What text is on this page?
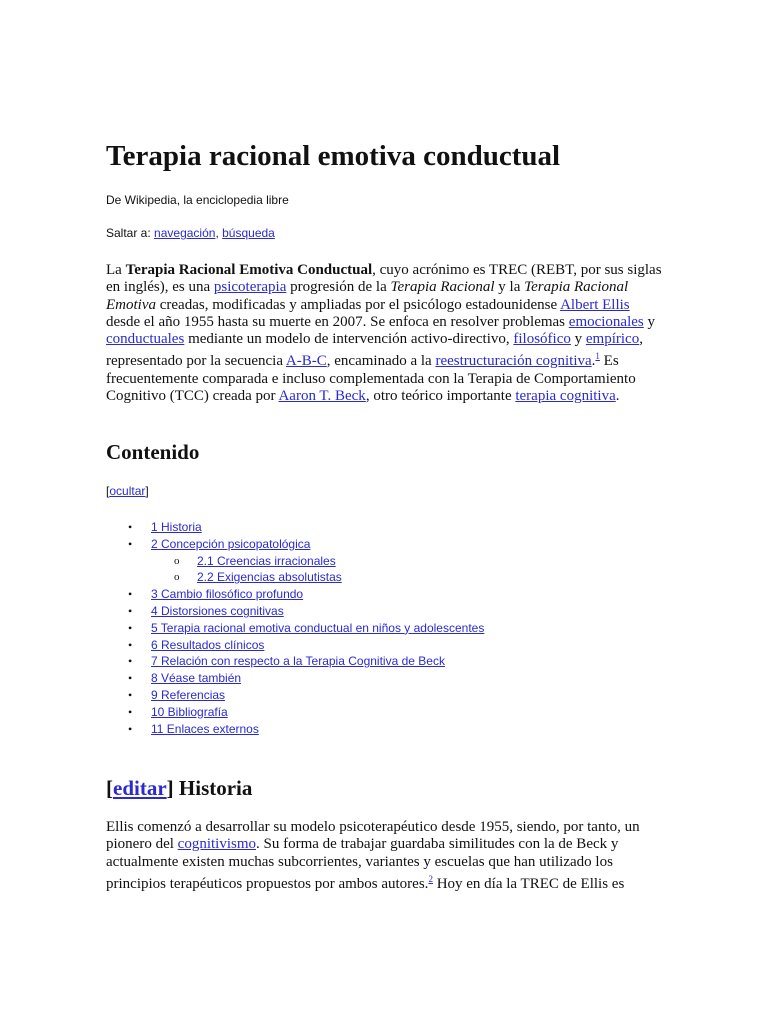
Terapia racional emotiva conductual

De Wikipedia, la enciclopedia libre

Saltar a: navegación, búsqueda

La Terapia Racional Emotiva Conductual, cuyo acrónimo es TREC (REBT, por sus siglas en inglés), es una psicoterapia progresión de la Terapia Racional y la Terapia Racional Emotiva creadas, modificadas y ampliadas por el psicólogo estadounidense Albert Ellis desde el año 1955 hasta su muerte en 2007. Se enfoca en resolver problemas emocionales y conductuales mediante un modelo de intervención activo-directivo, filosófico y empírico, representado por la secuencia A-B-C, encaminado a la reestructuración cognitiva.$^1$ Es frecuentemente comparada e incluso complementada con la Terapia de Comportamiento Cognitivo (TCC) creada por Aaron T. Beck, otro teórico importante terapia cognitiva.

Contenido

[ocultar]

• 1 Historia
• 2 Concepción psicopatológica
o 2.1 Creencias irracionales
o 2.2 Exigencias absolutistas
• 3 Cambio filosófico profundo
• 4 Distorsiones cognitivas
• 5 Terapia racional emotiva conductual en niños y adolescentes
• 6 Resultados clínicos
• 7 Relación con respecto a la Terapia Cognitiva de Beck
• 8 Véase también
• 9 Referencias
• 10 Bibliografía
• 11 Enlaces externos
[editar] Historia

Ellis comenzó a desarrollar su modelo psicoterapéutico desde 1955, siendo, por tanto, un pionero del cognitivismo. Su forma de trabajar guardaba similitudes con la de Beck y actualmente existen muchas subcorrientes, variantes y escuelas que han utilizado los principios terapéuticos propuestos por ambos autores.$^2$ Hoy en día la TREC de Ellis es
